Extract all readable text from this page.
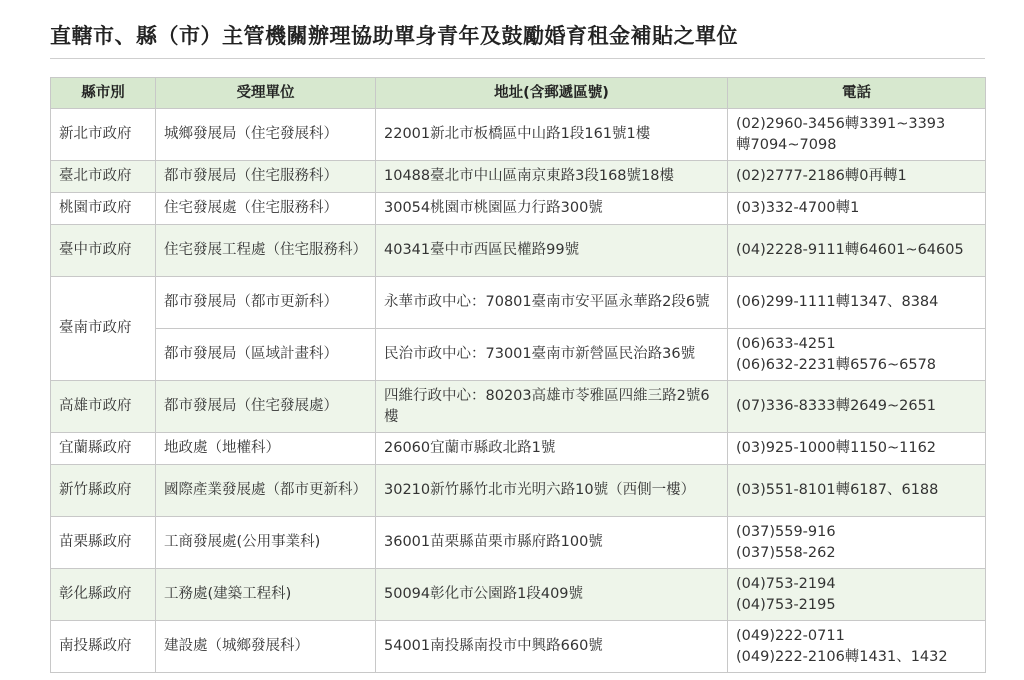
直轄市、縣（市）主管機關辦理協助單身青年及鼓勵婚育租金補貼之單位
縣市別	受理單位	地址(含郵遞區號)	電話
新北市政府	城鄉發展局（住宅發展科）	22001新北市板橋區中山路1段161號1樓	(02)2960-3456轉3391~3393
轉7094~7098

臺北市政府	都市發展局（住宅服務科）	10488臺北市中山區南京東路3段168號18樓	(02)2777-2186轉0再轉1

桃園市政府	住宅發展處（住宅服務科）	30054桃園市桃園區力行路300號	(03)332-4700轉1

臺中市政府	住宅發展工程處（住宅服務科）	40341臺中市西區民權路99號	(04)2228-9111轉64601~64605

臺南市政府	都市發展局（都市更新科）	永華市政中心：70801臺南市安平區永華路2段6號	(06)299-1111轉1347、8384

	都市發展局（區域計畫科）	民治市政中心：73001臺南市新營區民治路36號	(06)633-4251
(06)632-2231轉6576~6578

高雄市政府	都市發展局（住宅發展處）	四維行政中心：80203高雄市苓雅區四維三路2號6樓	(07)336-8333轉2649~2651

宜蘭縣政府	地政處（地權科）	26060宜蘭市縣政北路1號	(03)925-1000轉1150~1162

新竹縣政府	國際產業發展處（都市更新科）	30210新竹縣竹北市光明六路10號（西側一樓）	(03)551-8101轉6187、6188

苗栗縣政府	工商發展處(公用事業科)	36001苗栗縣苗栗市縣府路100號	(037)559-916
(037)558-262

彰化縣政府	工務處(建築工程科)	50094彰化市公園路1段409號	(04)753-2194
(04)753-2195

南投縣政府	建設處（城鄉發展科）	54001南投縣南投市中興路660號	(049)222-0711
(049)222-2106轉1431、1432
